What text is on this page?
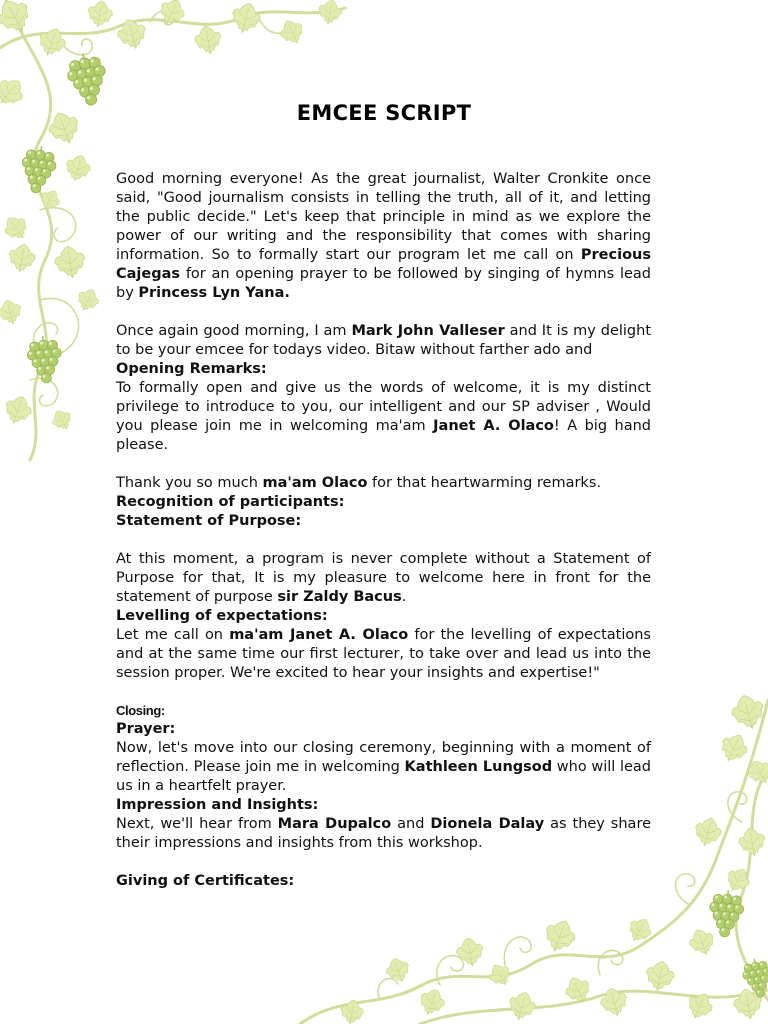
EMCEE SCRIPT

Good morning everyone! As the great journalist, Walter Cronkite once said, "Good journalism consists in telling the truth, all of it, and letting the public decide." Let's keep that principle in mind as we explore the power of our writing and the responsibility that comes with sharing information. So to formally start our program let me call on Precious Cajegas for an opening prayer to be followed by singing of hymns lead by Princess Lyn Yana.

Once again good morning, I am Mark John Valleser and It is my delight to be your emcee for todays video. Bitaw without farther ado and

Opening Remarks:

To formally open and give us the words of welcome, it is my distinct privilege to introduce to you, our intelligent and our SP adviser , Would you please join me in welcoming ma'am Janet A. Olaco! A big hand please.

Thank you so much ma'am Olaco for that heartwarming remarks.

Recognition of participants:

Statement of Purpose:

At this moment, a program is never complete without a Statement of Purpose for that, It is my pleasure to welcome here in front for the statement of purpose sir Zaldy Bacus.

Levelling of expectations:

Let me call on ma'am Janet A. Olaco for the levelling of expectations and at the same time our first lecturer, to take over and lead us into the session proper. We're excited to hear your insights and expertise!"

Closing:

Prayer:

Now, let's move into our closing ceremony, beginning with a moment of reflection. Please join me in welcoming Kathleen Lungsod who will lead us in a heartfelt prayer.

Impression and Insights:

Next, we'll hear from Mara Dupalco and Dionela Dalay as they share their impressions and insights from this workshop.

Giving of Certificates:
